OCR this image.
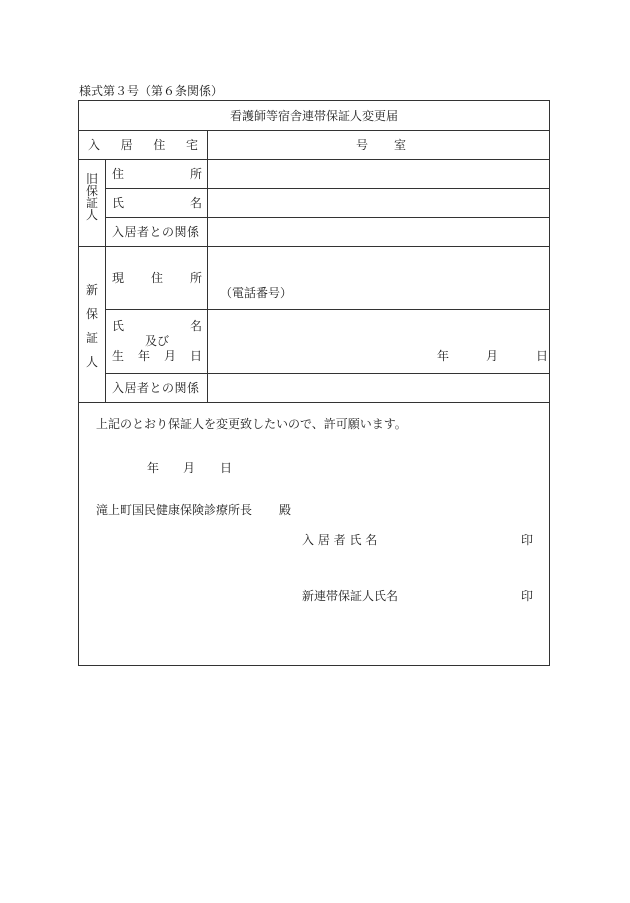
様式第３号（第６条関係）
看護師等宿舎連帯保証人変更届
入 居 住 宅	号 室
旧保証人
住	所
氏	名
入居者との関係
新保証人
現 住 所
（電話番号）
氏	名
及び
生 年 月 日	年	月	日
入居者との関係
上記のとおり保証人を変更致したいので、許可願います。
年 月 日
滝上町国民健康保険診療所長 殿
入 居 者 氏 名	印
新連帯保証人氏名	印
